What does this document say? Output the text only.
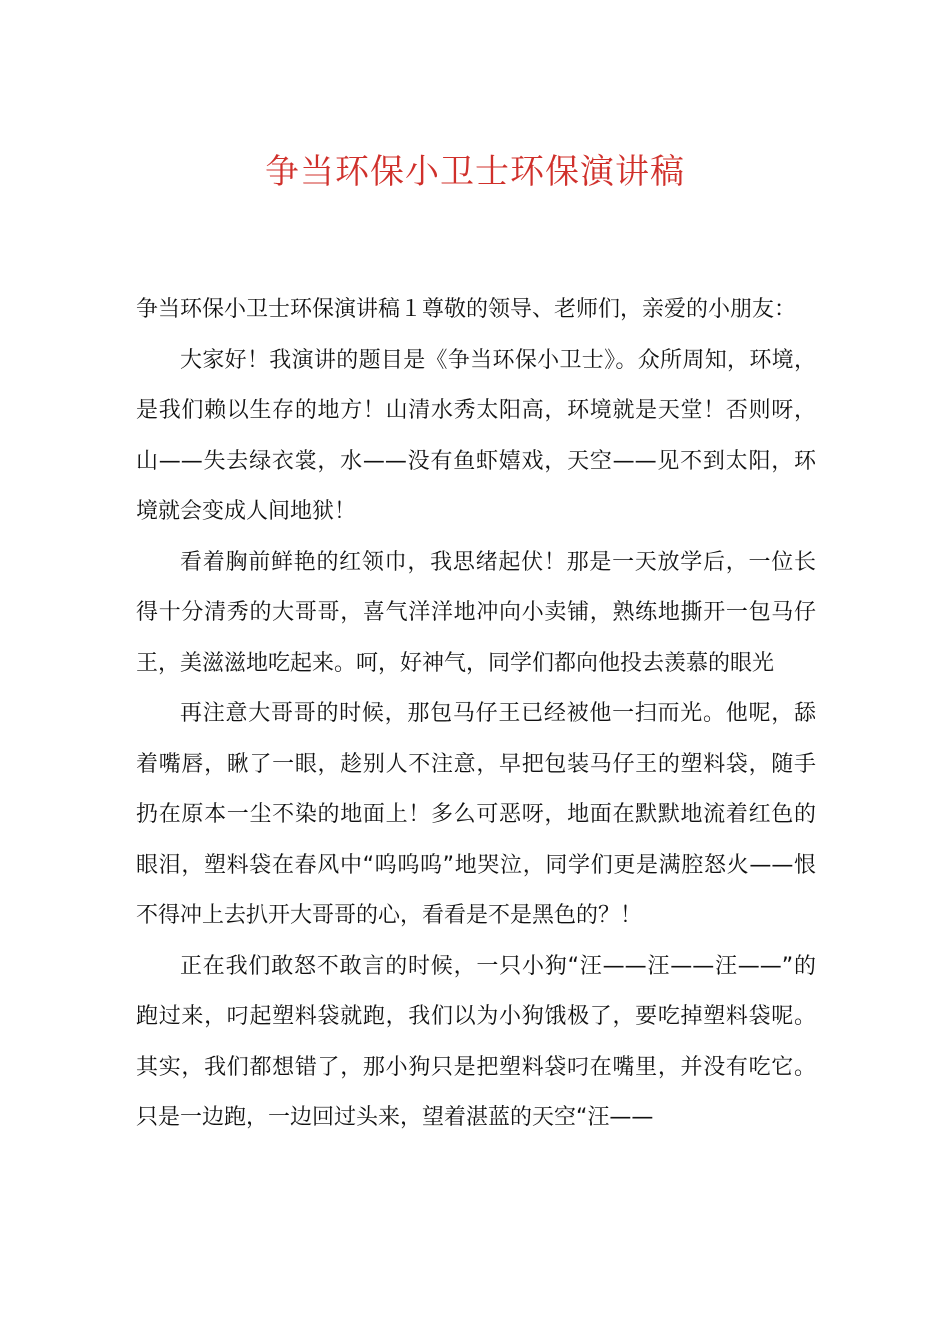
争当环保小卫士环保演讲稿

争当环保小卫士环保演讲稿１尊敬的领导、老师们，亲爱的小朋友：

大家好！我演讲的题目是《争当环保小卫士》。众所周知，环境，是我们赖以生存的地方！山清水秀太阳高，环境就是天堂！否则呀，山——失去绿衣裳，水——没有鱼虾嬉戏，天空——见不到太阳，环境就会变成人间地狱！

看着胸前鲜艳的红领巾，我思绪起伏！那是一天放学后，一位长得十分清秀的大哥哥，喜气洋洋地冲向小卖铺，熟练地撕开一包马仔王，美滋滋地吃起来。呵，好神气，同学们都向他投去羡慕的眼光

再注意大哥哥的时候，那包马仔王已经被他一扫而光。他呢，舔着嘴唇，瞅了一眼，趁别人不注意，早把包装马仔王的塑料袋，随手扔在原本一尘不染的地面上！多么可恶呀，地面在默默地流着红色的眼泪，塑料袋在春风中“呜呜呜”地哭泣，同学们更是满腔怒火——恨不得冲上去扒开大哥哥的心，看看是不是黑色的？！

正在我们敢怒不敢言的时候，一只小狗“汪——汪——汪——”的跑过来，叼起塑料袋就跑，我们以为小狗饿极了，要吃掉塑料袋呢。其实，我们都想错了，那小狗只是把塑料袋叼在嘴里，并没有吃它。只是一边跑，一边回过头来，望着湛蓝的天空“汪——
